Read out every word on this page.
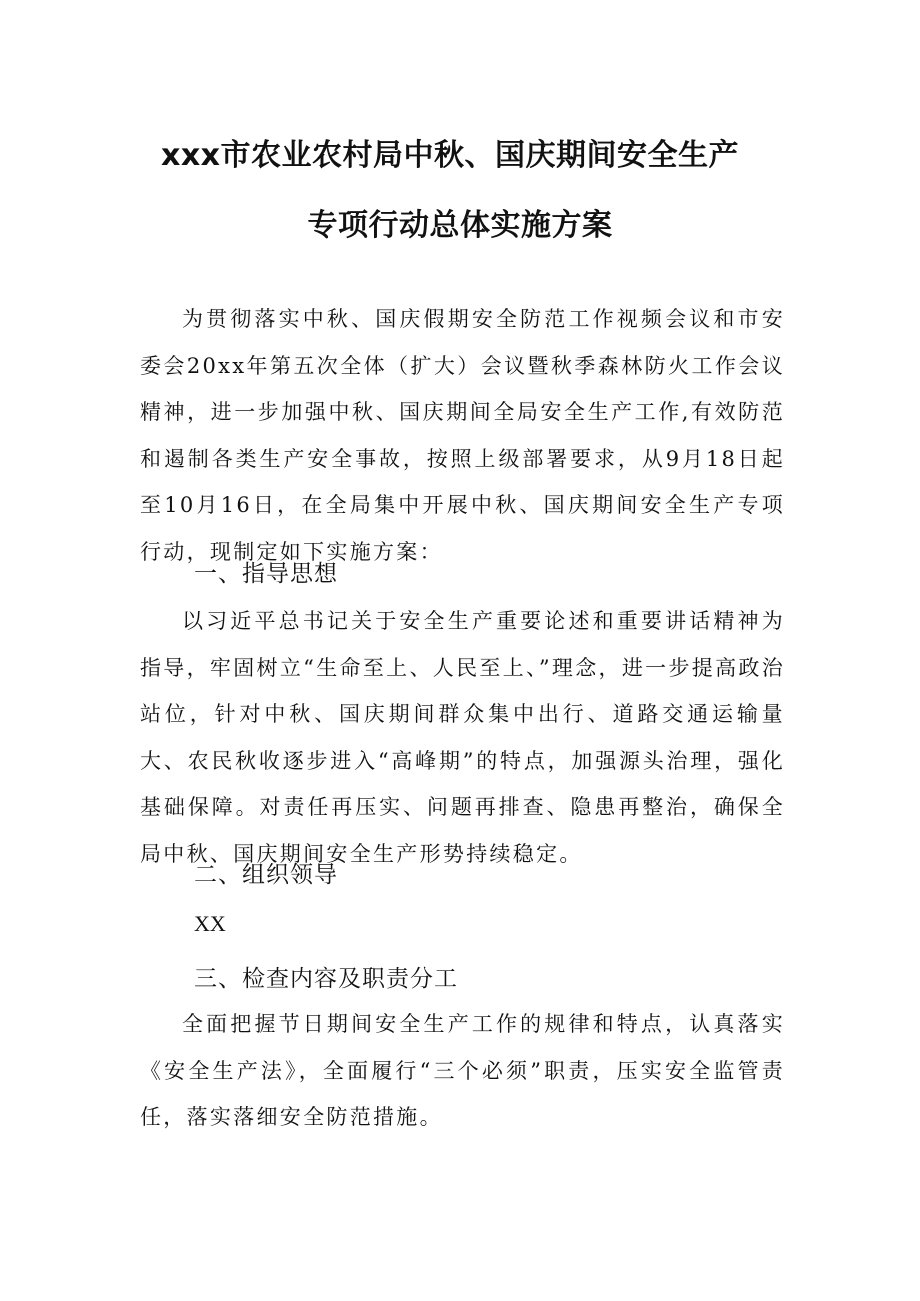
xxx市农业农村局中秋、国庆期间安全生产
专项行动总体实施方案
为贯彻落实中秋、国庆假期安全防范工作视频会议和市安委会20xx年第五次全体（扩大）会议暨秋季森林防火工作会议精神，进一步加强中秋、国庆期间全局安全生产工作,有效防范和遏制各类生产安全事故，按照上级部署要求，从9月18日起至10月16日，在全局集中开展中秋、国庆期间安全生产专项行动，现制定如下实施方案：
一、指导思想
以习近平总书记关于安全生产重要论述和重要讲话精神为指导，牢固树立“生命至上、人民至上、”理念，进一步提高政治站位，针对中秋、国庆期间群众集中出行、道路交通运输量大、农民秋收逐步进入“高峰期”的特点，加强源头治理，强化基础保障。对责任再压实、问题再排查、隐患再整治，确保全局中秋、国庆期间安全生产形势持续稳定。
二、组织领导
XX
三、检查内容及职责分工
全面把握节日期间安全生产工作的规律和特点，认真落实《安全生产法》，全面履行“三个必须”职责，压实安全监管责任，落实落细安全防范措施。
